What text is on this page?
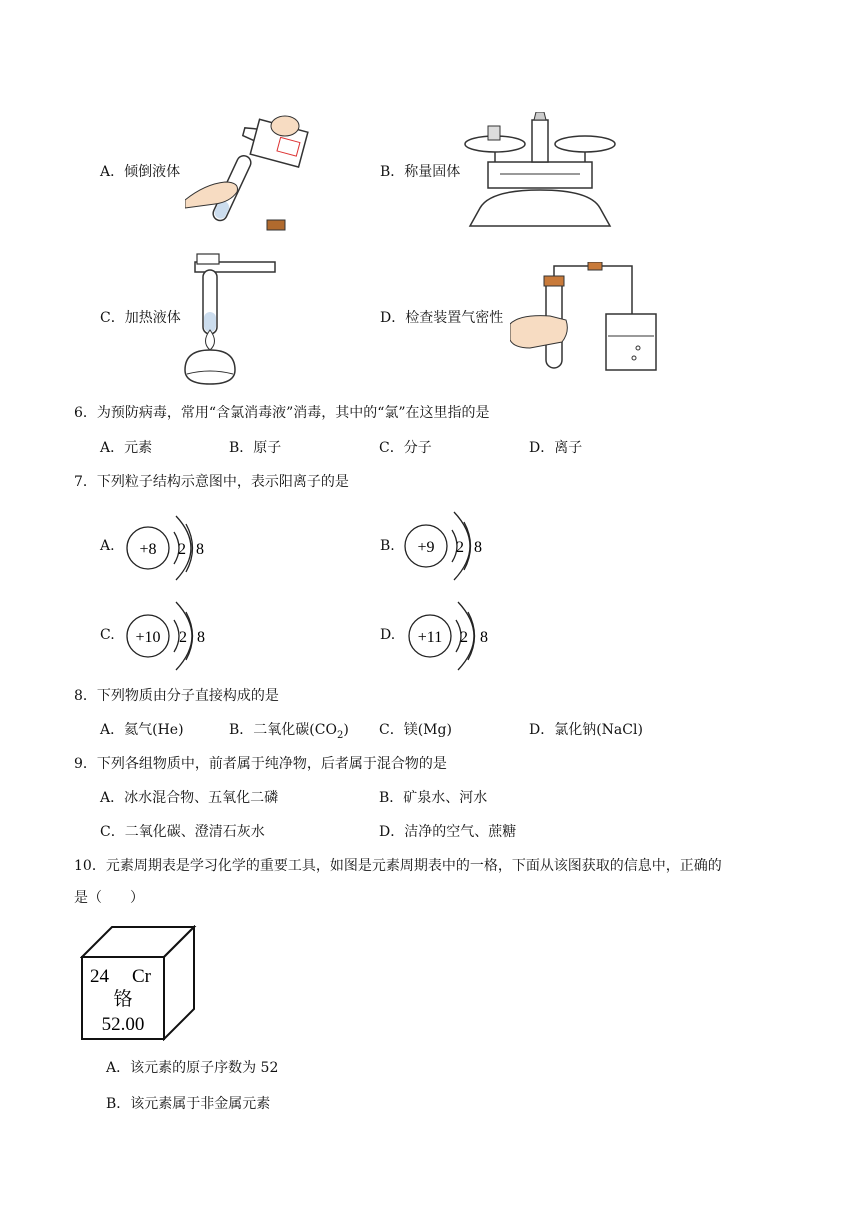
A．倾倒液体	B．称量固体
C．加热液体	D．检查装置气密性
6．为预防病毒，常用“含氯消毒液”消毒，其中的“氯”在这里指的是
A．元素	B．原子	C．分子	D．离子
7．下列粒子结构示意图中，表示阳离子的是
A. +8 2 8	B. +9 2 8
C. +10 2 8	D. +11 2 8
8．下列物质由分子直接构成的是
A．氦气(He)	B．二氧化碳$(CO_2)$ C．镁(Mg)	D．氯化钠(NaCl)
9．下列各组物质中，前者属于纯净物，后者属于混合物的是
A．冰水混合物、五氧化二磷	B．矿泉水、河水
C．二氧化碳、澄清石灰水	D．洁净的空气、蔗糖
10．元素周期表是学习化学的重要工具，如图是元素周期表中的一格，下面从该图获取的信息中，正确的
是（　　）
24 Cr
铬
52.00
A．该元素的原子序数为 52
B．该元素属于非金属元素
